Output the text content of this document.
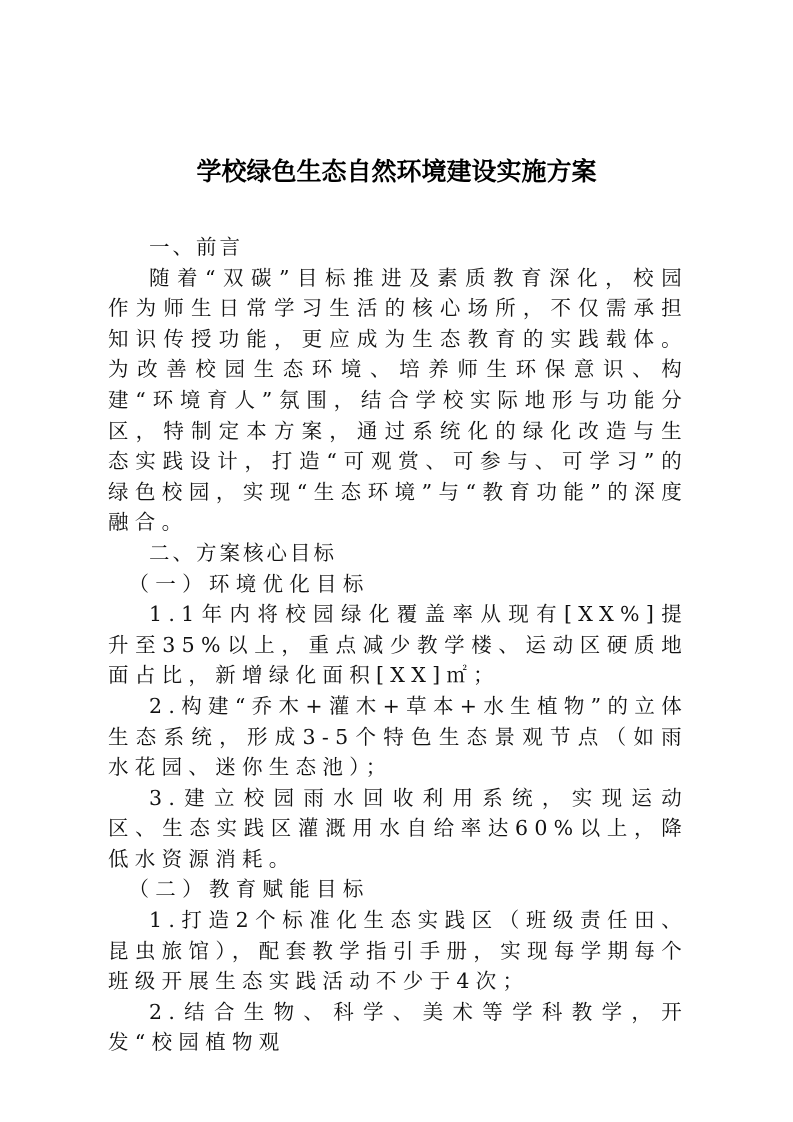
学校绿色生态自然环境建设实施方案

一、前言

随着“双碳”目标推进及素质教育深化，校园作为师生日常学习生活的核心场所，不仅需承担知识传授功能，更应成为生态教育的实践载体。为改善校园生态环境、培养师生环保意识、构建“环境育人”氛围，结合学校实际地形与功能分区，特制定本方案，通过系统化的绿化改造与生态实践设计，打造“可观赏、可参与、可学习”的绿色校园，实现“生态环境”与“教育功能”的深度融合。

二、方案核心目标

（一）环境优化目标

1.1年内将校园绿化覆盖率从现有[XX%]提升至35%以上，重点减少教学楼、运动区硬质地面占比，新增绿化面积[XX]㎡；

2.构建“乔木+灌木+草本+水生植物”的立体生态系统，形成3-5个特色生态景观节点（如雨水花园、迷你生态池）；

3.建立校园雨水回收利用系统，实现运动区、生态实践区灌溉用水自给率达60%以上，降低水资源消耗。

（二）教育赋能目标

1.打造2个标准化生态实践区（班级责任田、昆虫旅馆），配套教学指引手册，实现每学期每个班级开展生态实践活动不少于4次；

2.结合生物、科学、美术等学科教学，开发“校园植物观
